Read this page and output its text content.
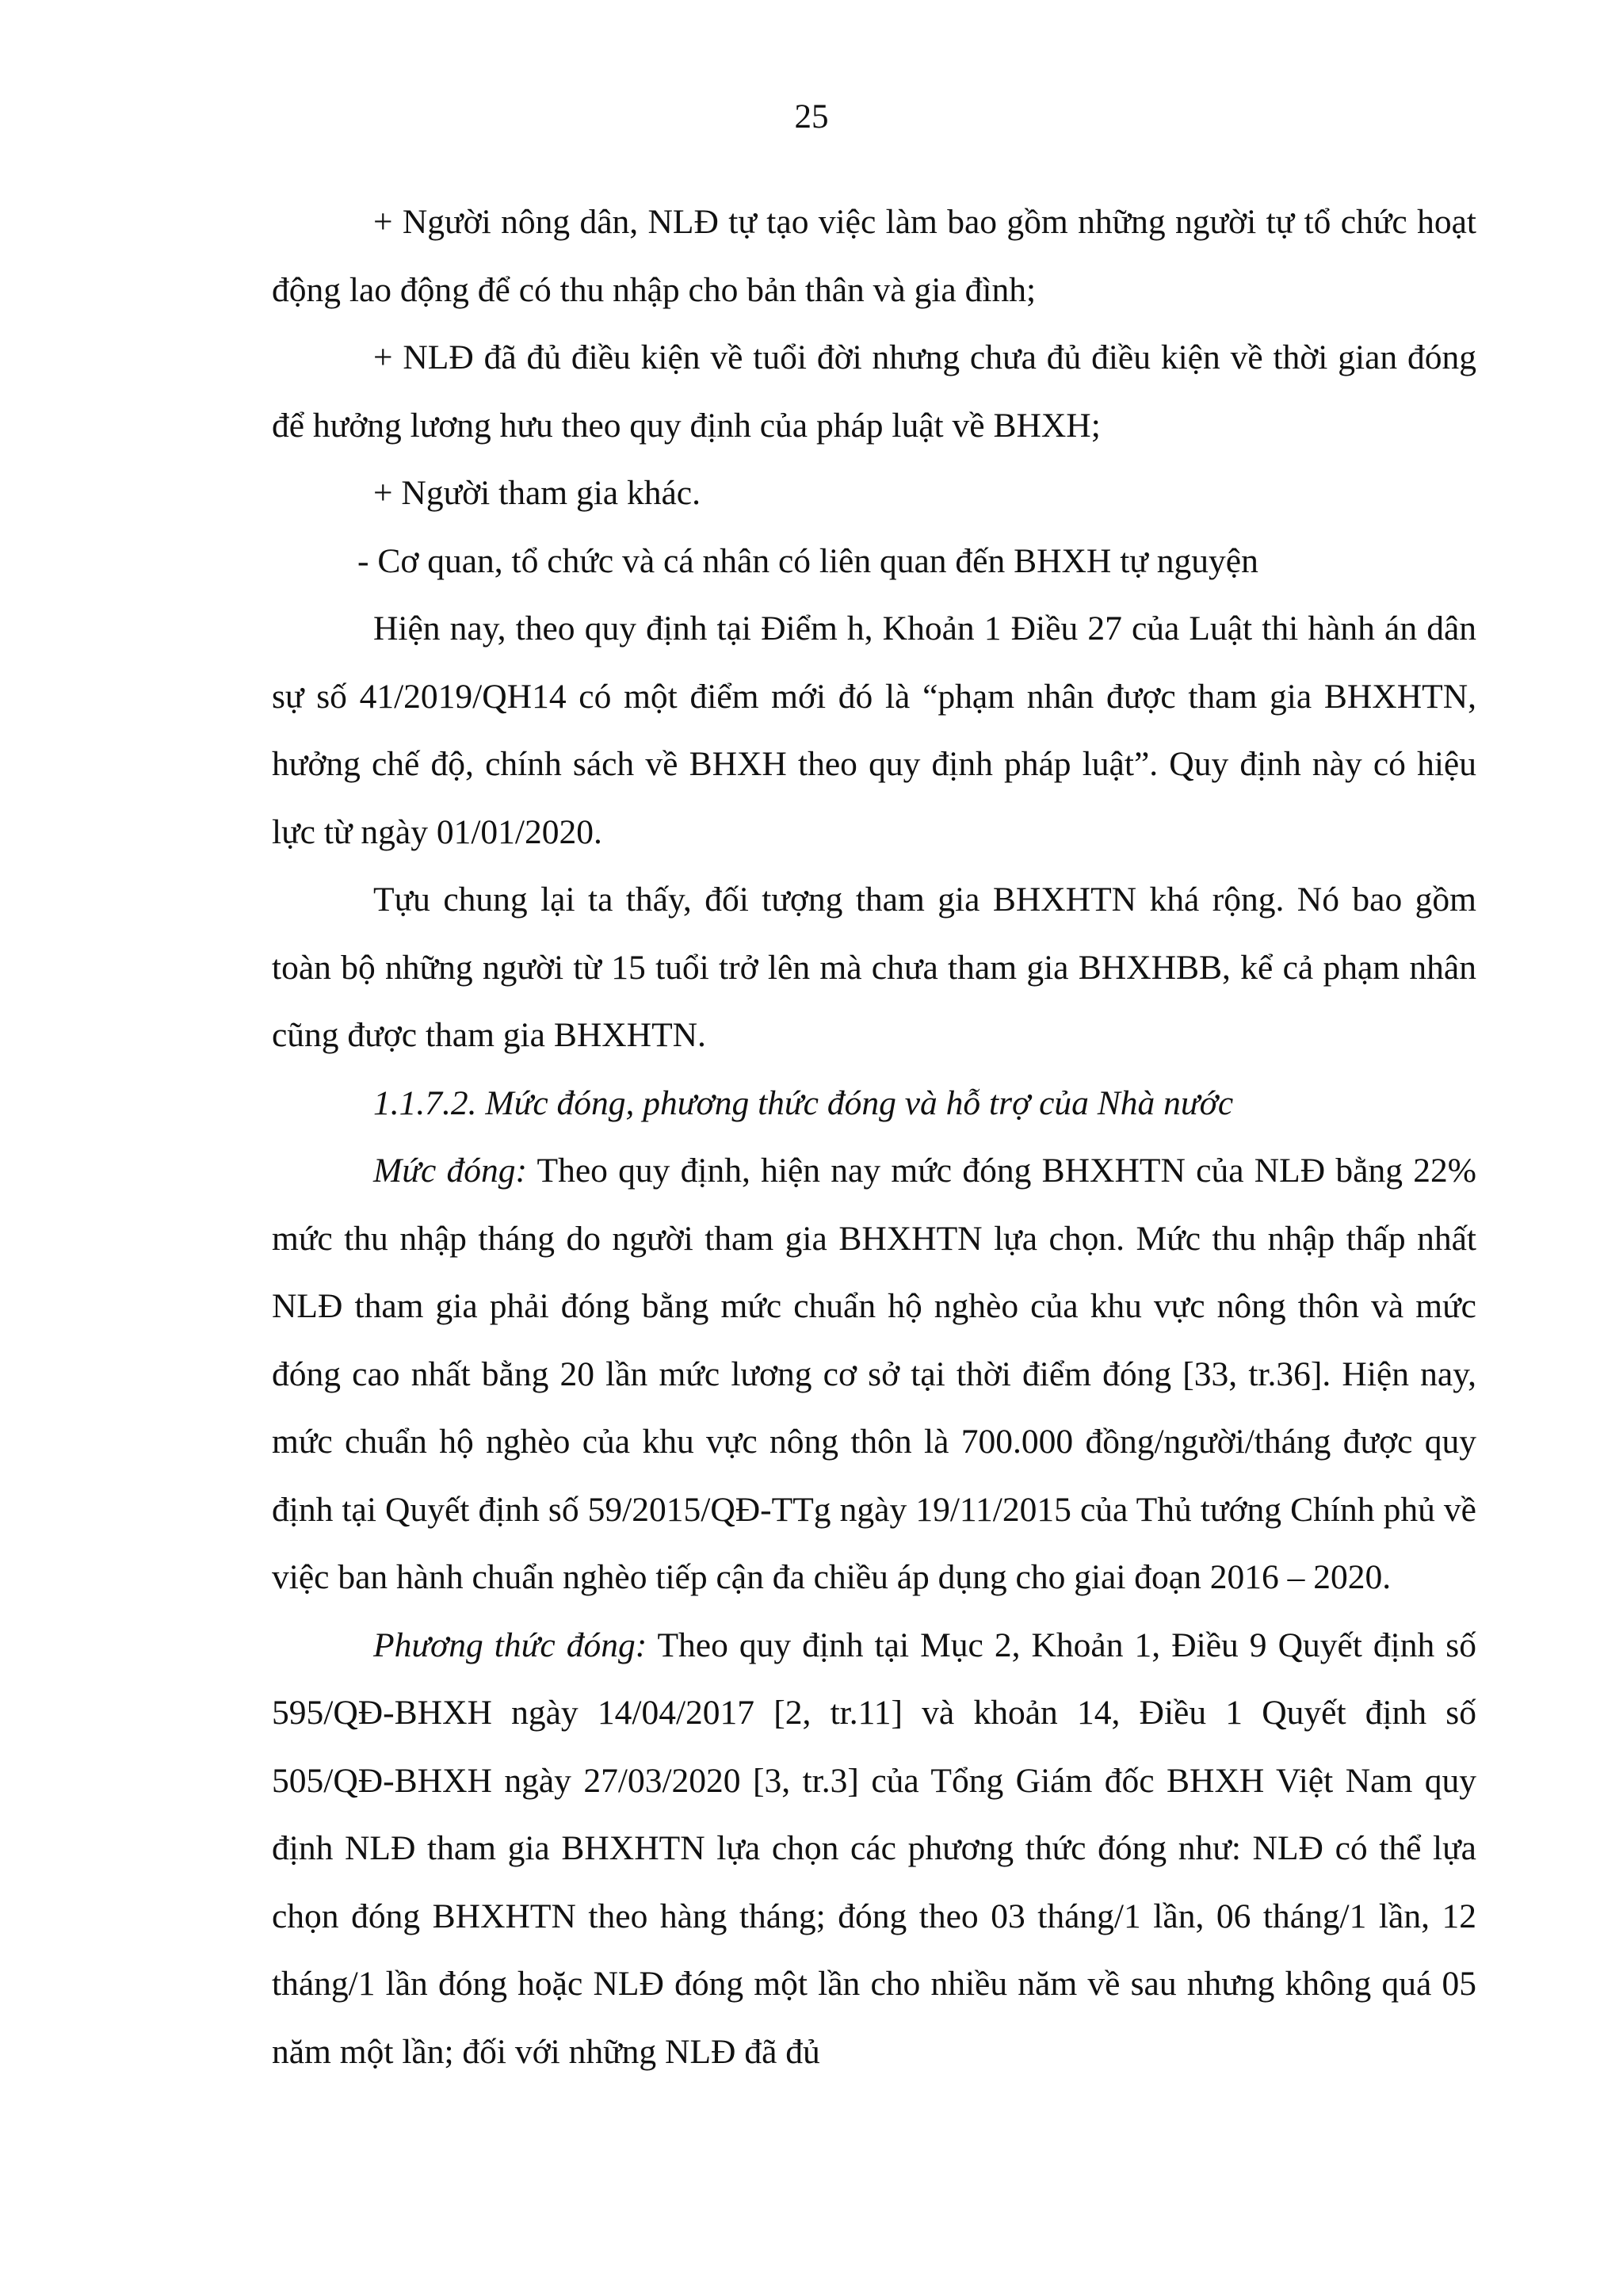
25

+ Người nông dân, NLĐ tự tạo việc làm bao gồm những người tự tổ chức hoạt động lao động để có thu nhập cho bản thân và gia đình;

+ NLĐ đã đủ điều kiện về tuổi đời nhưng chưa đủ điều kiện về thời gian đóng để hưởng lương hưu theo quy định của pháp luật về BHXH;

+ Người tham gia khác.

- Cơ quan, tổ chức và cá nhân có liên quan đến BHXH tự nguyện

Hiện nay, theo quy định tại Điểm h, Khoản 1 Điều 27 của Luật thi hành án dân sự số 41/2019/QH14 có một điểm mới đó là “phạm nhân được tham gia BHXHTN, hưởng chế độ, chính sách về BHXH theo quy định pháp luật”. Quy định này có hiệu lực từ ngày 01/01/2020.

Tựu chung lại ta thấy, đối tượng tham gia BHXHTN khá rộng. Nó bao gồm toàn bộ những người từ 15 tuổi trở lên mà chưa tham gia BHXHBB, kể cả phạm nhân cũng được tham gia BHXHTN.

1.1.7.2. Mức đóng, phương thức đóng và hỗ trợ của Nhà nước

Mức đóng: Theo quy định, hiện nay mức đóng BHXHTN của NLĐ bằng 22% mức thu nhập tháng do người tham gia BHXHTN lựa chọn. Mức thu nhập thấp nhất NLĐ tham gia phải đóng bằng mức chuẩn hộ nghèo của khu vực nông thôn và mức đóng cao nhất bằng 20 lần mức lương cơ sở tại thời điểm đóng [33, tr.36]. Hiện nay, mức chuẩn hộ nghèo của khu vực nông thôn là 700.000 đồng/người/tháng được quy định tại Quyết định số 59/2015/QĐ-TTg ngày 19/11/2015 của Thủ tướng Chính phủ về việc ban hành chuẩn nghèo tiếp cận đa chiều áp dụng cho giai đoạn 2016 – 2020.

Phương thức đóng: Theo quy định tại Mục 2, Khoản 1, Điều 9 Quyết định số 595/QĐ-BHXH ngày 14/04/2017 [2, tr.11] và khoản 14, Điều 1 Quyết định số 505/QĐ-BHXH ngày 27/03/2020 [3, tr.3] của Tổng Giám đốc BHXH Việt Nam quy định NLĐ tham gia BHXHTN lựa chọn các phương thức đóng như: NLĐ có thể lựa chọn đóng BHXHTN theo hàng tháng; đóng theo 03 tháng/1 lần, 06 tháng/1 lần, 12 tháng/1 lần đóng hoặc NLĐ đóng một lần cho nhiều năm về sau nhưng không quá 05 năm một lần; đối với những NLĐ đã đủ
